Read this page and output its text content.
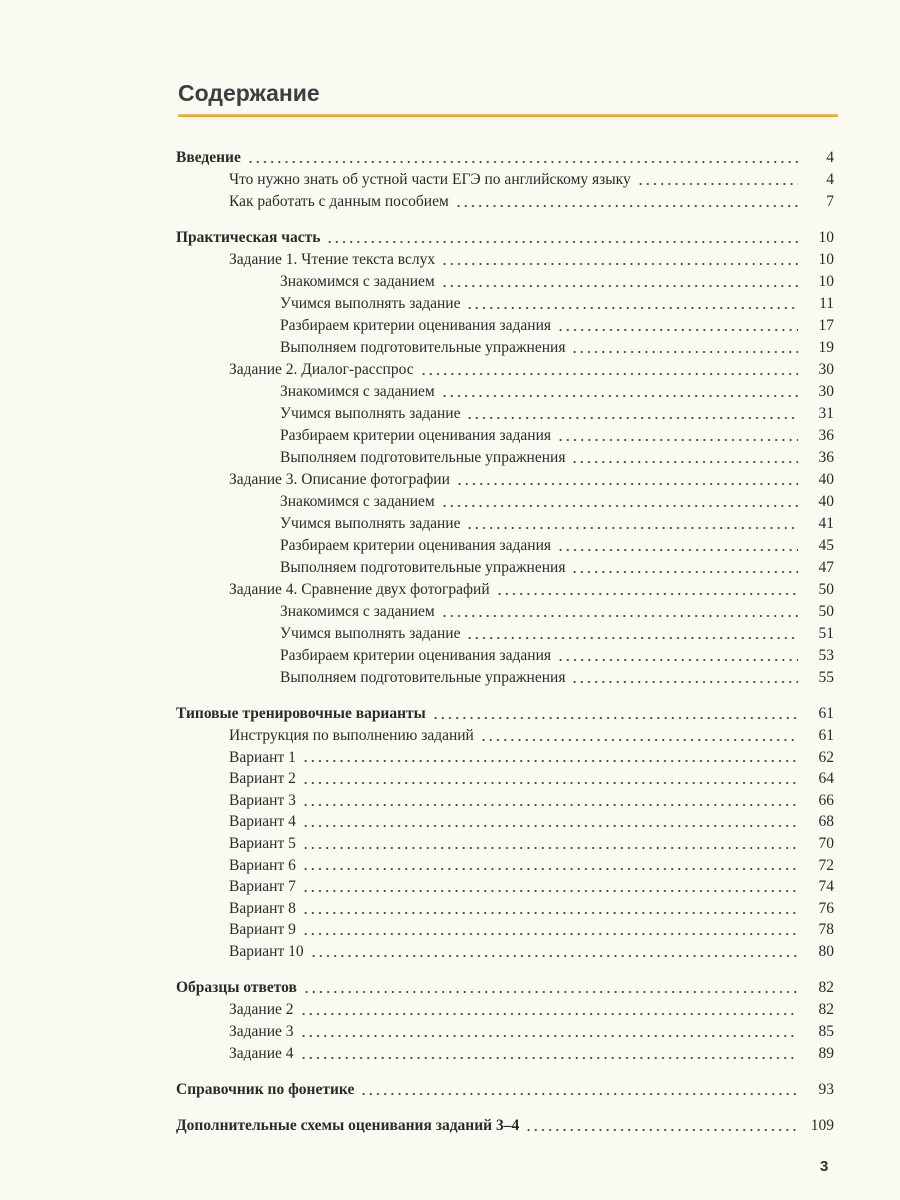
Содержание
Введение	4
Что нужно знать об устной части ЕГЭ по английскому языку	4
Как работать с данным пособием	7
Практическая часть	10
Задание 1. Чтение текста вслух	10
Знакомимся с заданием	10
Учимся выполнять задание	11
Разбираем критерии оценивания задания	17
Выполняем подготовительные упражнения	19
Задание 2. Диалог-расспрос	30
Знакомимся с заданием	30
Учимся выполнять задание	31
Разбираем критерии оценивания задания	36
Выполняем подготовительные упражнения	36
Задание 3. Описание фотографии	40
Знакомимся с заданием	40
Учимся выполнять задание	41
Разбираем критерии оценивания задания	45
Выполняем подготовительные упражнения	47
Задание 4. Сравнение двух фотографий	50
Знакомимся с заданием	50
Учимся выполнять задание	51
Разбираем критерии оценивания задания	53
Выполняем подготовительные упражнения	55
Типовые тренировочные варианты	61
Инструкция по выполнению заданий	61
Вариант 1	62
Вариант 2	64
Вариант 3	66
Вариант 4	68
Вариант 5	70
Вариант 6	72
Вариант 7	74
Вариант 8	76
Вариант 9	78
Вариант 10	80
Образцы ответов	82
Задание 2	82
Задание 3	85
Задание 4	89
Справочник по фонетике	93
Дополнительные схемы оценивания заданий 3–4	109
3
